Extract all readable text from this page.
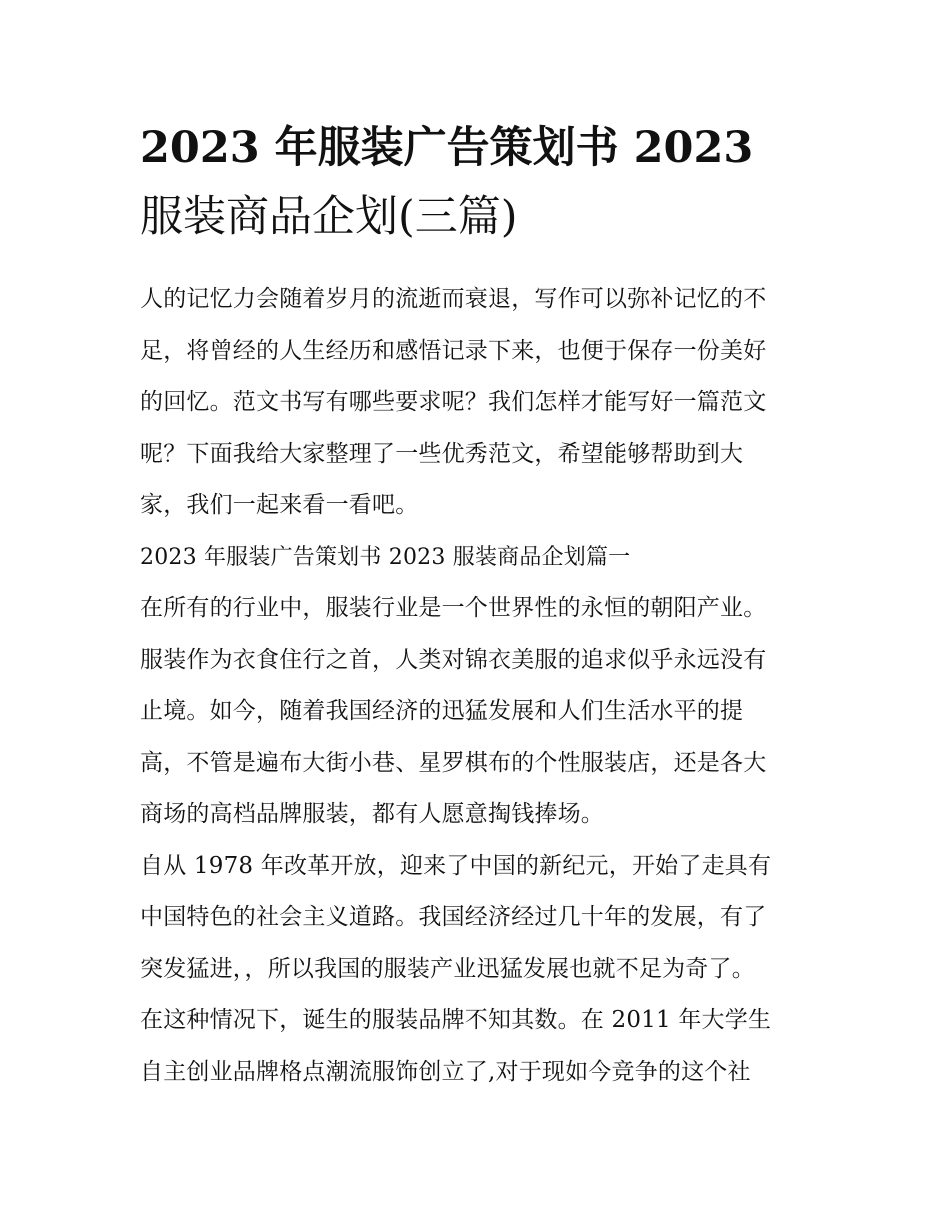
2023 年服装广告策划书 2023
服装商品企划(三篇)
人的记忆力会随着岁月的流逝而衰退，写作可以弥补记忆的不
足，将曾经的人生经历和感悟记录下来，也便于保存一份美好
的回忆。范文书写有哪些要求呢？我们怎样才能写好一篇范文
呢？下面我给大家整理了一些优秀范文，希望能够帮助到大
家，我们一起来看一看吧。
2023 年服装广告策划书 2023 服装商品企划篇一
在所有的行业中，服装行业是一个世界性的永恒的朝阳产业。
服装作为衣食住行之首，人类对锦衣美服的追求似乎永远没有
止境。如今，随着我国经济的迅猛发展和人们生活水平的提
高，不管是遍布大街小巷、星罗棋布的个性服装店，还是各大
商场的高档品牌服装，都有人愿意掏钱捧场。
自从 1978 年改革开放，迎来了中国的新纪元，开始了走具有
中国特色的社会主义道路。我国经济经过几十年的发展，有了
突发猛进，，所以我国的服装产业迅猛发展也就不足为奇了。
在这种情况下，诞生的服装品牌不知其数。在 2011 年大学生
自主创业品牌格点潮流服饰创立了,对于现如今竞争的这个社
